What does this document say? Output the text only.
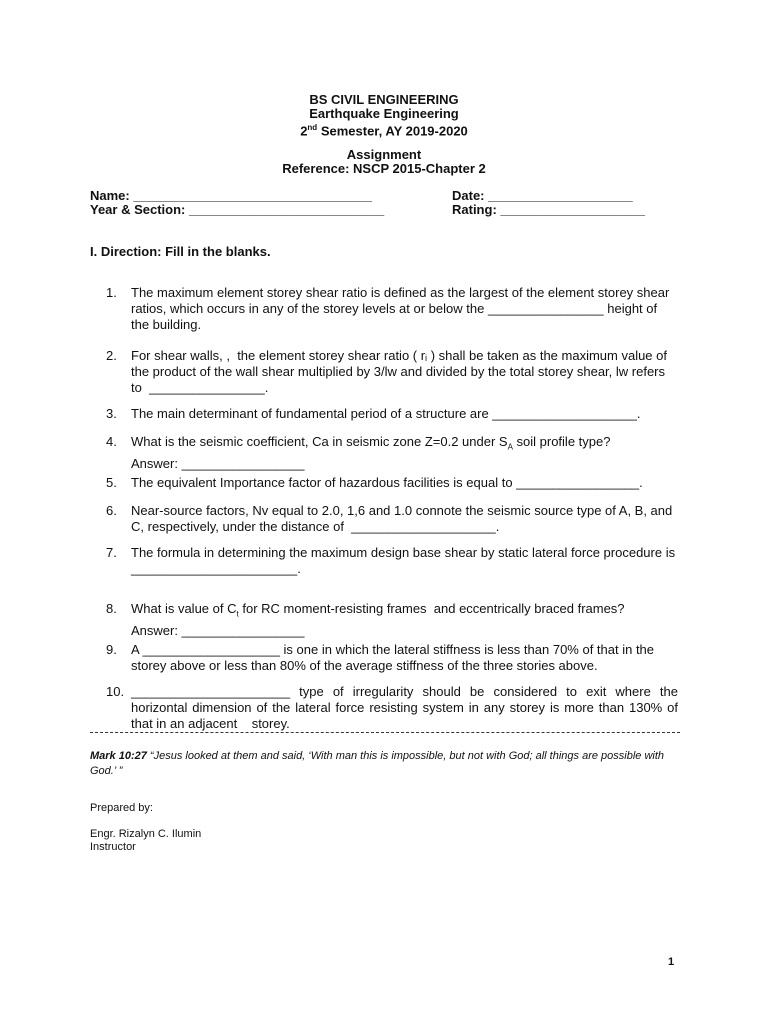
BS CIVIL ENGINEERING
Earthquake Engineering
2nd Semester, AY 2019-2020
Assignment
Reference: NSCP 2015-Chapter 2
Name: _________________________________	Date: ____________________
Year & Section: ___________________________	Rating: ____________________
I. Direction: Fill in the blanks.
1.	The maximum element storey shear ratio is defined as the largest of the element storey shear ratios, which occurs in any of the storey levels at or below the ________________ height of the building.
2.	For shear walls, ,  the element storey shear ratio ( rᵢ ) shall be taken as the maximum value of the product of the wall shear multiplied by 3/lw and divided by the total storey shear, lw refers to  ________________.
3.	The main determinant of fundamental period of a structure are ____________________.
4.	What is the seismic coefficient, Ca in seismic zone Z=0.2 under $S_A$ soil profile type?
Answer: _________________
5.	The equivalent Importance factor of hazardous facilities is equal to _________________.
6.	Near-source factors, Nv equal to 2.0, 1,6 and 1.0 connote the seismic source type of A, B, and C, respectively, under the distance of  ____________________.
7.	The formula in determining the maximum design base shear by static lateral force procedure is _______________________.
8.	What is value of $C_t$ for RC moment-resisting frames  and eccentrically braced frames?
Answer: _________________
9.	A ___________________ is one in which the lateral stiffness is less than 70% of that in the        storey above or less than 80% of the average stiffness of the three stories above.
10. ______________________ type of irregularity should be considered to exit where the horizontal dimension of the lateral force resisting system in any storey is more than 130% of that in an adjacent    storey.
Mark 10:27 “Jesus looked at them and said, ‘With man this is impossible, but not with God; all things are possible with God.’ ”
Prepared by:
Engr. Rizalyn C. Ilumin
Instructor
1
